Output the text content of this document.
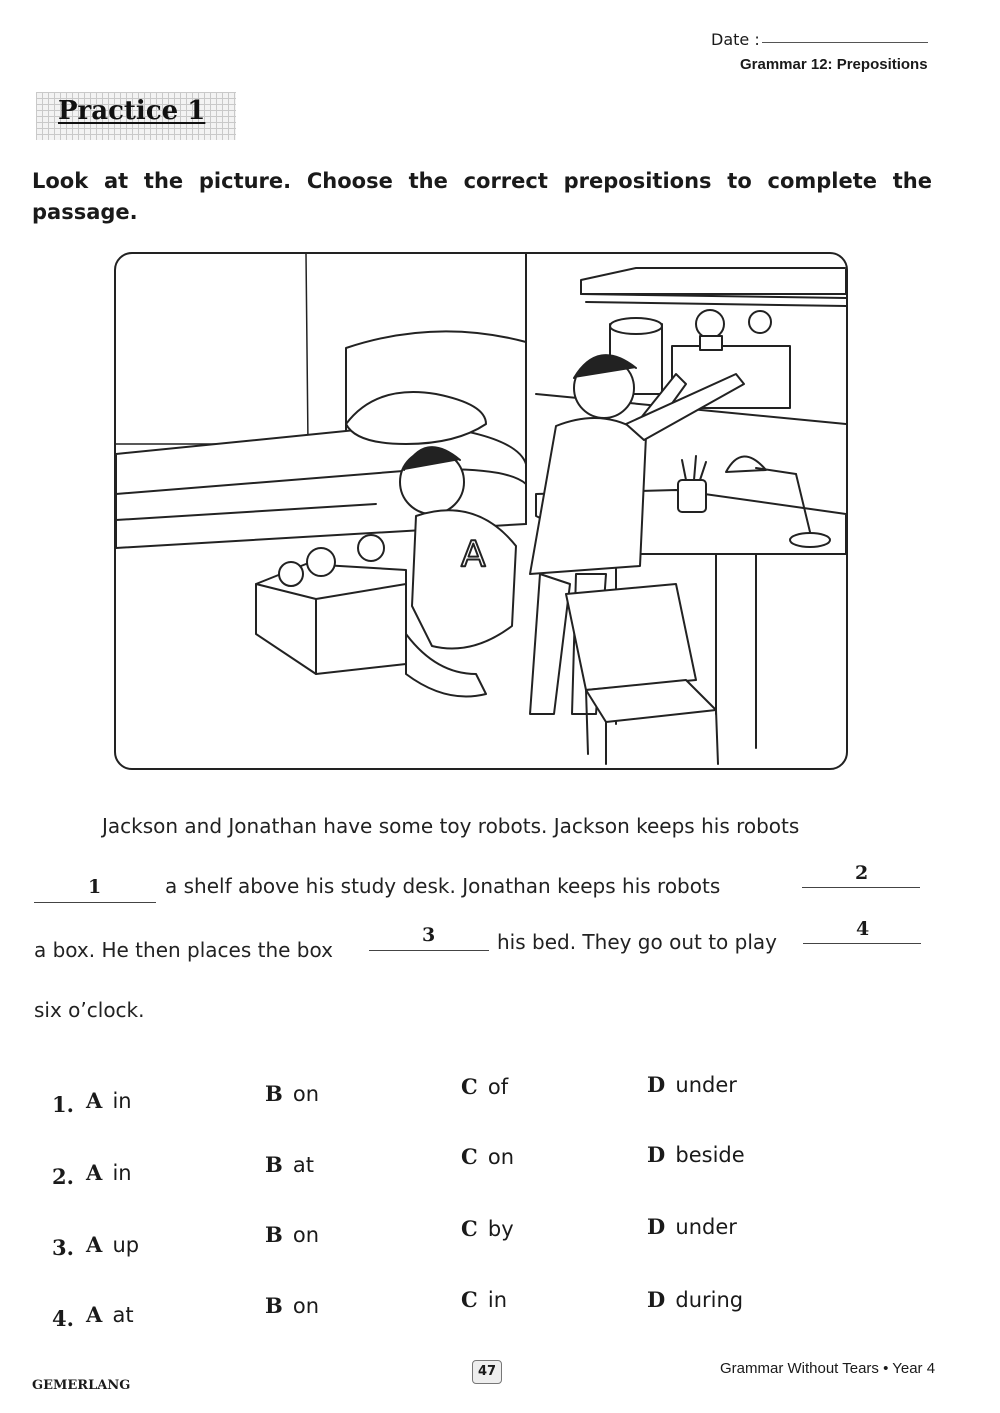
Date :
Grammar 12: Prepositions
Practice 1
Look at the picture. Choose the correct prepositions to complete the passage.
A
Jackson and Jonathan have some toy robots. Jackson keeps his robots
1	a shelf above his study desk. Jonathan keeps his robots
2
a box. He then places the box
3	his bed. They go out to play
4
six o’clock.
1. A in	B on	C of	D under
2. A in	B at	C on	D beside
3. A up	B on	C by	D under
4. A at	B on	C in	D during
GEMERLANG
47	Grammar Without Tears • Year 4
